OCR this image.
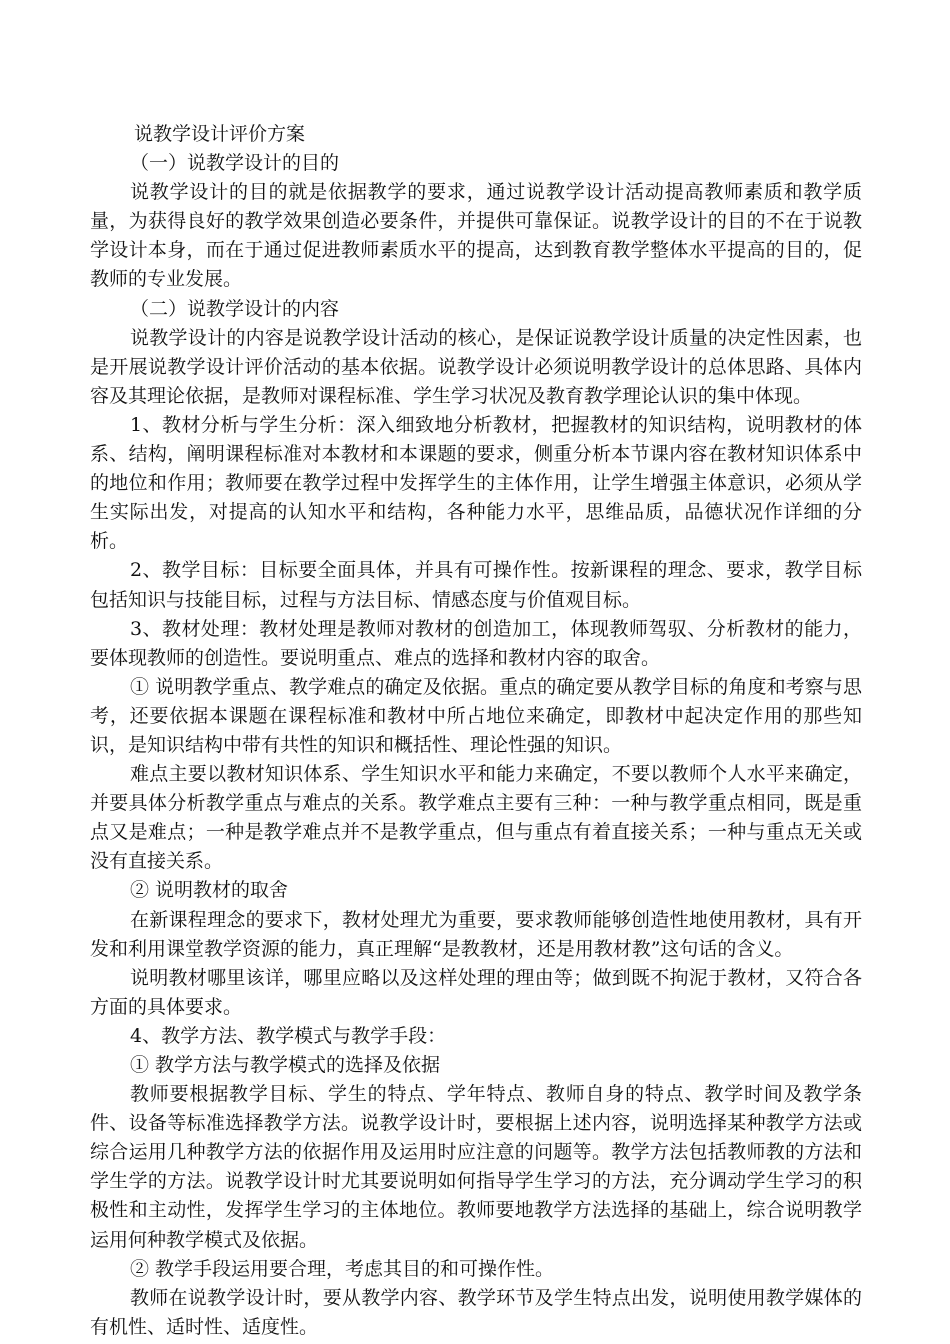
说教学设计评价方案

（一）说教学设计的目的

说教学设计的目的就是依据教学的要求，通过说教学设计活动提高教师素质和教学质量，为获得良好的教学效果创造必要条件，并提供可靠保证。说教学设计的目的不在于说教学设计本身，而在于通过促进教师素质水平的提高，达到教育教学整体水平提高的目的，促教师的专业发展。

（二）说教学设计的内容

说教学设计的内容是说教学设计活动的核心，是保证说教学设计质量的决定性因素，也是开展说教学设计评价活动的基本依据。说教学设计必须说明教学设计的总体思路、具体内容及其理论依据，是教师对课程标准、学生学习状况及教育教学理论认识的集中体现。

1、教材分析与学生分析：深入细致地分析教材，把握教材的知识结构，说明教材的体系、结构，阐明课程标准对本教材和本课题的要求，侧重分析本节课内容在教材知识体系中的地位和作用；教师要在教学过程中发挥学生的主体作用，让学生增强主体意识，必须从学生实际出发，对提高的认知水平和结构，各种能力水平，思维品质，品德状况作详细的分析。

2、教学目标：目标要全面具体，并具有可操作性。按新课程的理念、要求，教学目标包括知识与技能目标，过程与方法目标、情感态度与价值观目标。

3、教材处理：教材处理是教师对教材的创造加工，体现教师驾驭、分析教材的能力，要体现教师的创造性。要说明重点、难点的选择和教材内容的取舍。

① 说明教学重点、教学难点的确定及依据。重点的确定要从教学目标的角度和考察与思考，还要依据本课题在课程标准和教材中所占地位来确定，即教材中起决定作用的那些知识，是知识结构中带有共性的知识和概括性、理论性强的知识。

难点主要以教材知识体系、学生知识水平和能力来确定，不要以教师个人水平来确定，并要具体分析教学重点与难点的关系。教学难点主要有三种：一种与教学重点相同，既是重点又是难点；一种是教学难点并不是教学重点，但与重点有着直接关系；一种与重点无关或没有直接关系。

② 说明教材的取舍

在新课程理念的要求下，教材处理尤为重要，要求教师能够创造性地使用教材，具有开发和利用课堂教学资源的能力，真正理解“是教教材，还是用教材教”这句话的含义。

说明教材哪里该详，哪里应略以及这样处理的理由等；做到既不拘泥于教材，又符合各方面的具体要求。

4、教学方法、教学模式与教学手段：

① 教学方法与教学模式的选择及依据

教师要根据教学目标、学生的特点、学年特点、教师自身的特点、教学时间及教学条件、设备等标准选择教学方法。说教学设计时，要根据上述内容，说明选择某种教学方法或综合运用几种教学方法的依据作用及运用时应注意的问题等。教学方法包括教师教的方法和学生学的方法。说教学设计时尤其要说明如何指导学生学习的方法，充分调动学生学习的积极性和主动性，发挥学生学习的主体地位。教师要地教学方法选择的基础上，综合说明教学运用何种教学模式及依据。

② 教学手段运用要合理，考虑其目的和可操作性。

教师在说教学设计时，要从教学内容、教学环节及学生特点出发，说明使用教学媒体的有机性、适时性、适度性。
